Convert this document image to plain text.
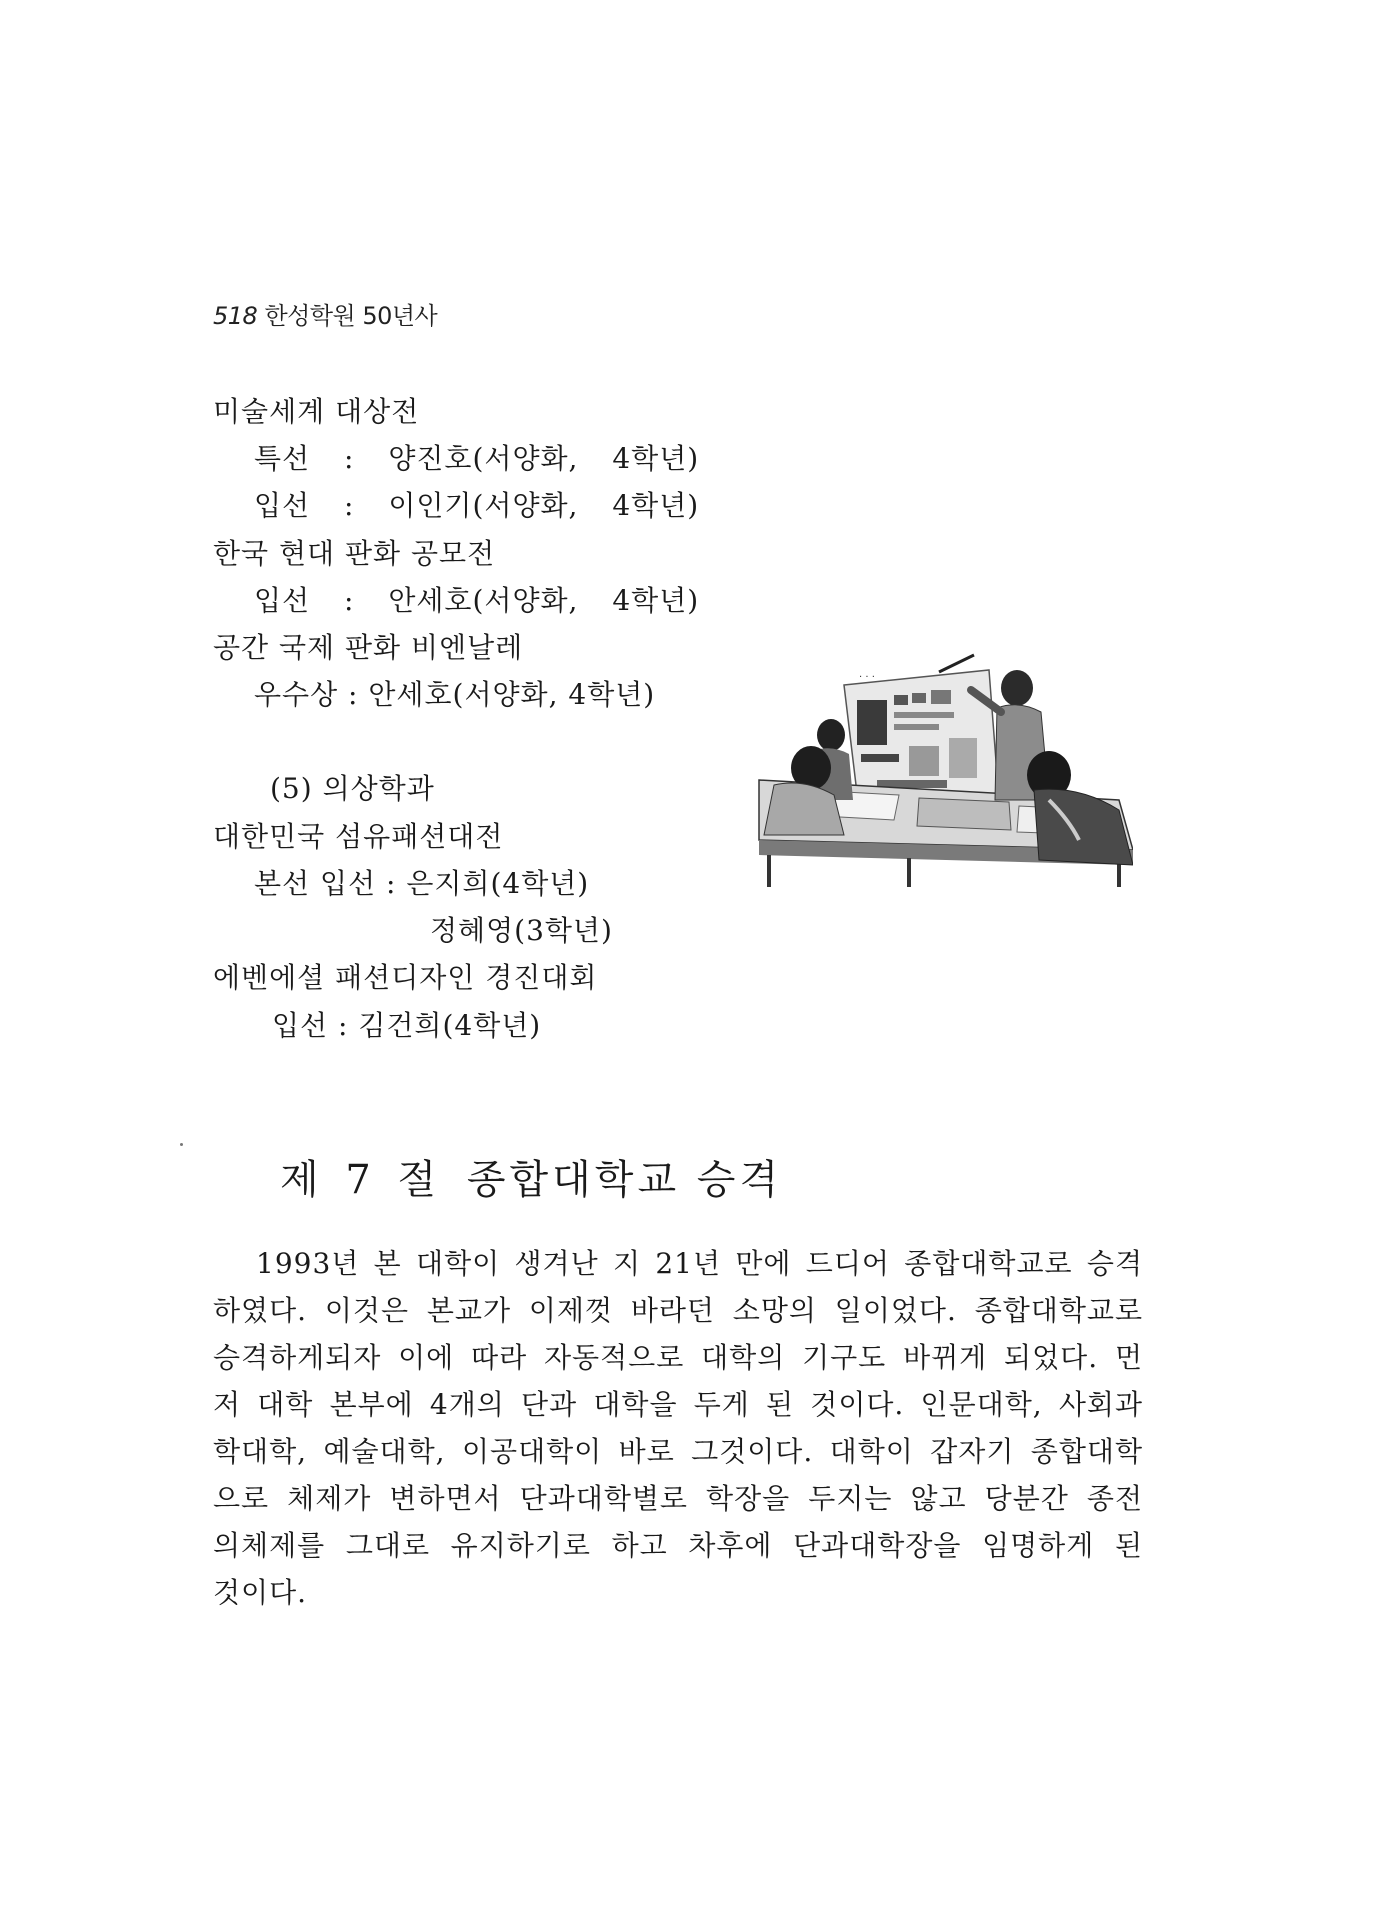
518 한성학원 50년사
미술세계 대상전
특선 : 양진호(서양화, 4학년)
입선 : 이인기(서양화, 4학년)
한국 현대 판화 공모전
입선 : 안세호(서양화, 4학년)
공간 국제 판화 비엔날레
우수상 : 안세호(서양화, 4학년)
(5) 의상학과
대한민국 섬유패션대전
본선 입선 : 은지희(4학년)
정혜영(3학년)
에벤에셜 패션디자인 경진대회
입선 : 김건희(4학년)
· · ·
제 7 절 종합대학교 승격
1993년 본 대학이 생겨난 지 21년 만에 드디어 종합대학교로 승격
하였다. 이것은 본교가 이제껏 바라던 소망의 일이었다. 종합대학교로
승격하게되자 이에 따라 자동적으로 대학의 기구도 바뀌게 되었다. 먼
저 대학 본부에 4개의 단과 대학을 두게 된 것이다. 인문대학, 사회과
학대학, 예술대학, 이공대학이 바로 그것이다. 대학이 갑자기 종합대학
으로 체제가 변하면서 단과대학별로 학장을 두지는 않고 당분간 종전
의체제를 그대로 유지하기로 하고 차후에 단과대학장을 임명하게 된
것이다.
